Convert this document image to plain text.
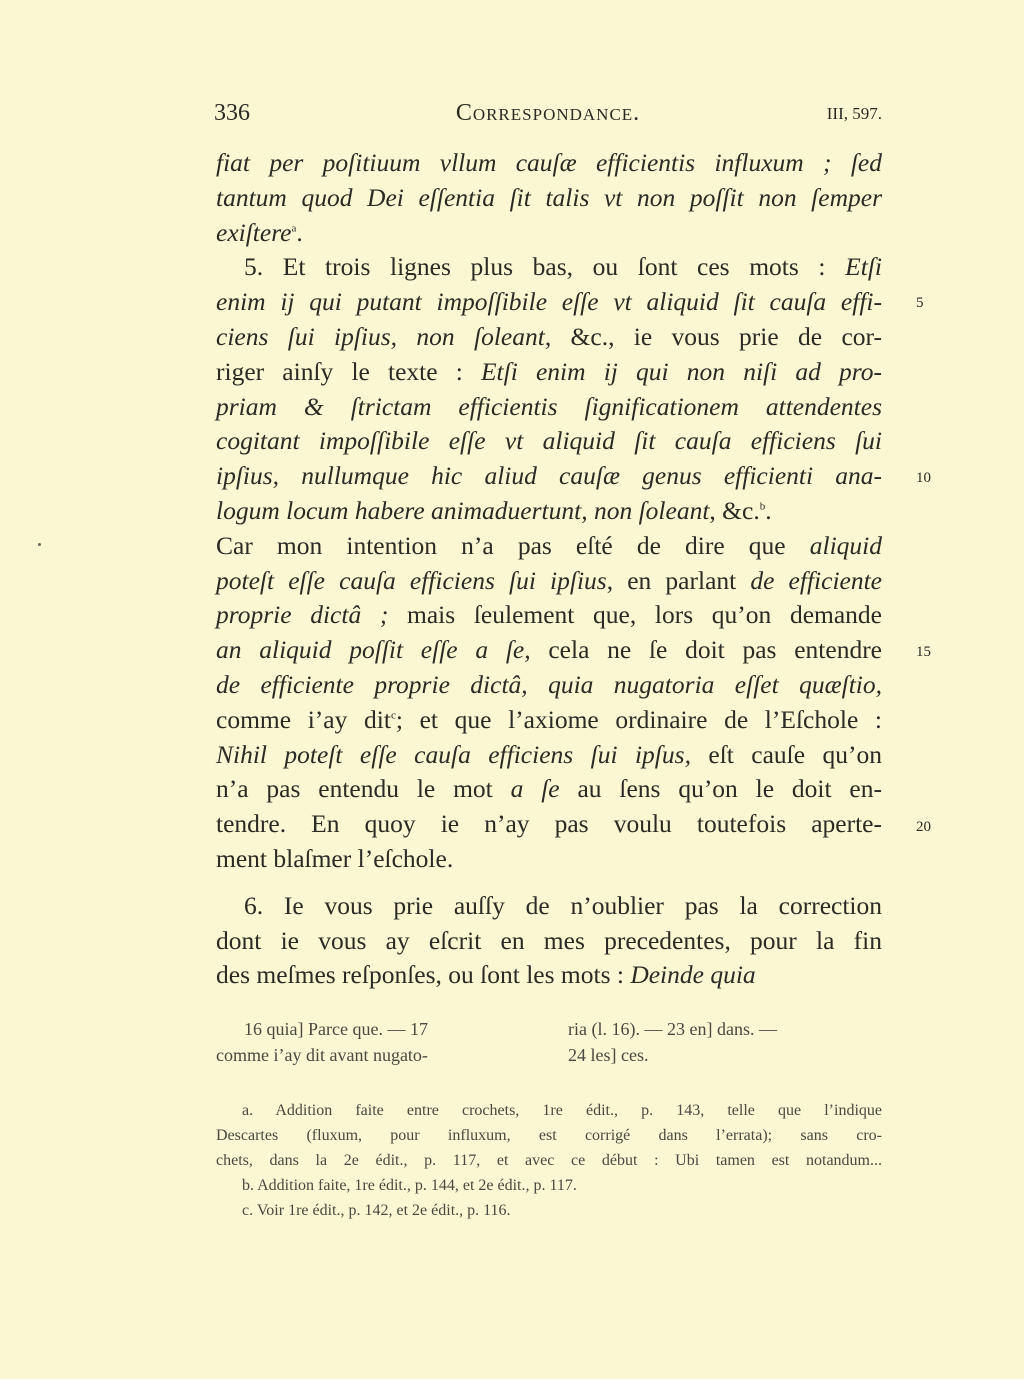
336	Correspondance.	III, 597.
fiat per poſitiuum vllum cauſæ efficientis influxum ; ſed
tantum quod Dei eſſentia ſit talis vt non poſſit non ſemper
exiſtere$^a$.
5. Et trois lignes plus bas, ou ſont ces mots : Etſi
enim ij qui putant impoſſibile eſſe vt aliquid ſit cauſa effi-
ciens ſui ipſius, non ſoleant, &c., ie vous prie de cor-
riger ainſy le texte : Etſi enim ij qui non niſi ad pro-
priam & ſtrictam efficientis ſignificationem attendentes
cogitant impoſſibile eſſe vt aliquid ſit cauſa efficiens ſui
ipſius, nullumque hic aliud cauſæ genus efficienti ana-
logum locum habere animaduertunt, non ſoleant, &c.$^b$.
Car mon intention n’a pas eſté de dire que aliquid
poteſt eſſe cauſa efficiens ſui ipſius, en parlant de efficiente
proprie dictâ ; mais ſeulement que, lors qu’on demande
an aliquid poſſit eſſe a ſe, cela ne ſe doit pas entendre
de efficiente proprie dictâ, quia nugatoria eſſet quæſtio,
comme i’ay dit$^c$; et que l’axiome ordinaire de l’Eſchole :
Nihil poteſt eſſe cauſa efficiens ſui ipſus, eſt cauſe qu’on
n’a pas entendu le mot a ſe au ſens qu’on le doit en-
tendre. En quoy ie n’ay pas voulu toutefois aperte-
ment blaſmer l’eſchole.
6. Ie vous prie auſſy de n’oublier pas la correction
dont ie vous ay eſcrit en mes precedentes, pour la fin
des meſmes reſponſes, ou ſont les mots : Deinde quia
5
10
15
20
16 quia] Parce que. — 17
comme i’ay dit avant nugato-
ria (l. 16). — 23 en] dans. —
24 les] ces.
a. Addition faite entre crochets, 1re édit., p. 143, telle que l’indique
Descartes (fluxum, pour influxum, est corrigé dans l’errata); sans cro-
chets, dans la 2e édit., p. 117, et avec ce début : Ubi tamen est notandum...
b. Addition faite, 1re édit., p. 144, et 2e édit., p. 117.
c. Voir 1re édit., p. 142, et 2e édit., p. 116.
